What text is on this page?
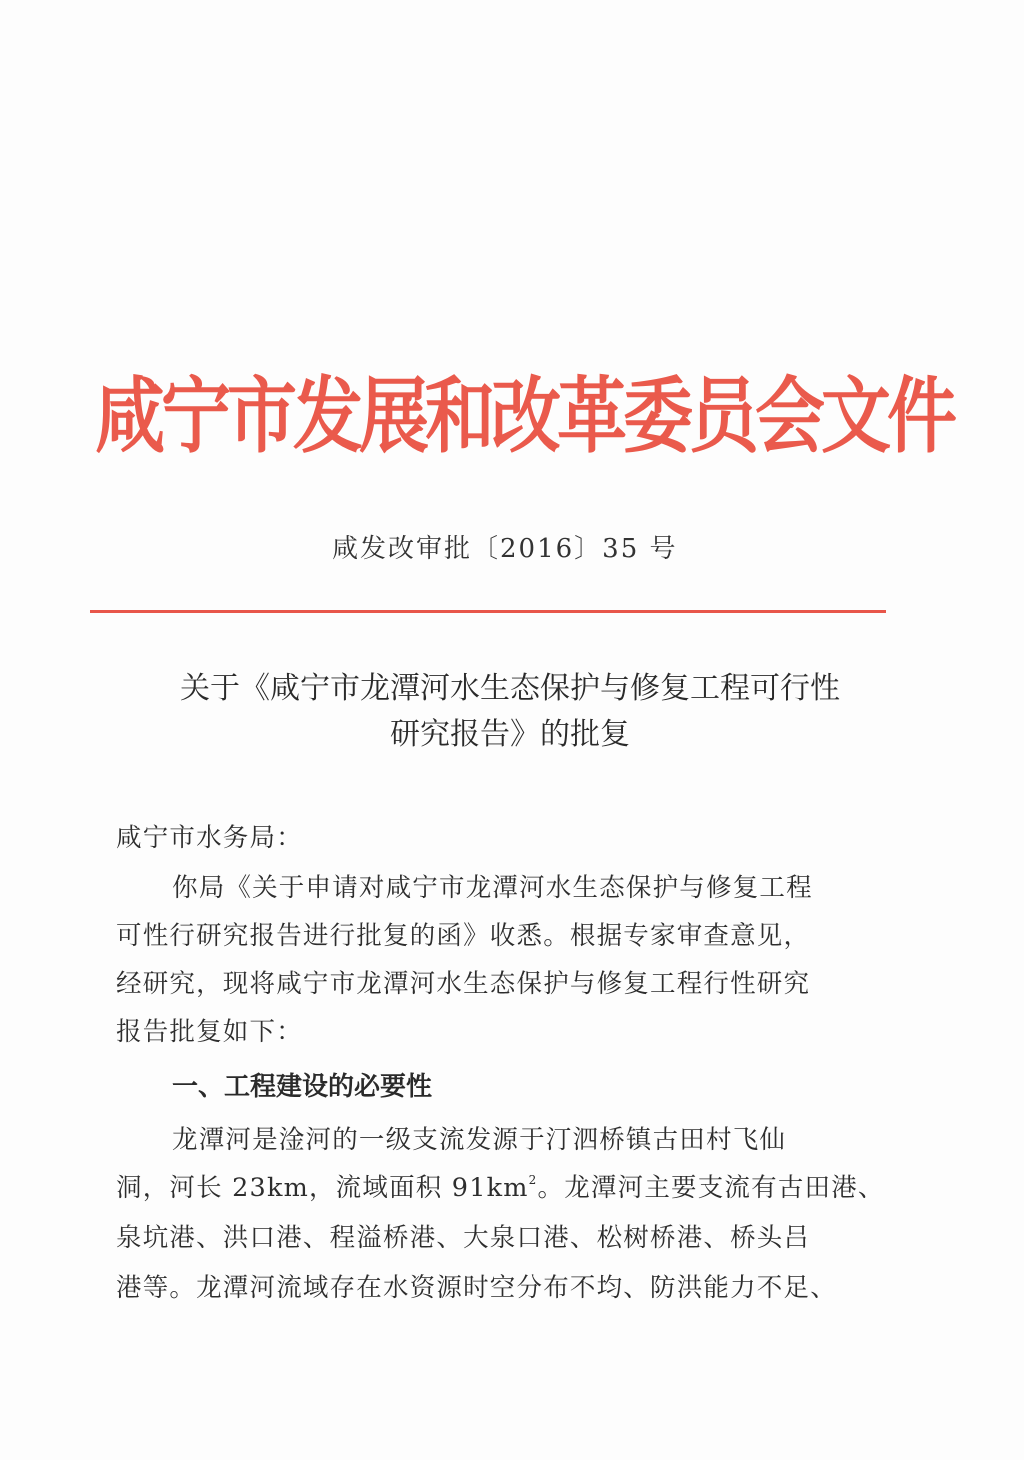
咸宁市发展和改革委员会文件
咸发改审批〔2016〕35 号
关于《咸宁市龙潭河水生态保护与修复工程可行性
研究报告》的批复
咸宁市水务局：
你局《关于申请对咸宁市龙潭河水生态保护与修复工程
可性行研究报告进行批复的函》收悉。根据专家审查意见，
经研究，现将咸宁市龙潭河水生态保护与修复工程行性研究
报告批复如下：
一、工程建设的必要性
龙潭河是淦河的一级支流发源于汀泗桥镇古田村飞仙
洞，河长 23km，流域面积 $91km^2$。龙潭河主要支流有古田港、
泉坑港、洪口港、程溢桥港、大泉口港、松树桥港、桥头吕
港等。龙潭河流域存在水资源时空分布不均、防洪能力不足、
